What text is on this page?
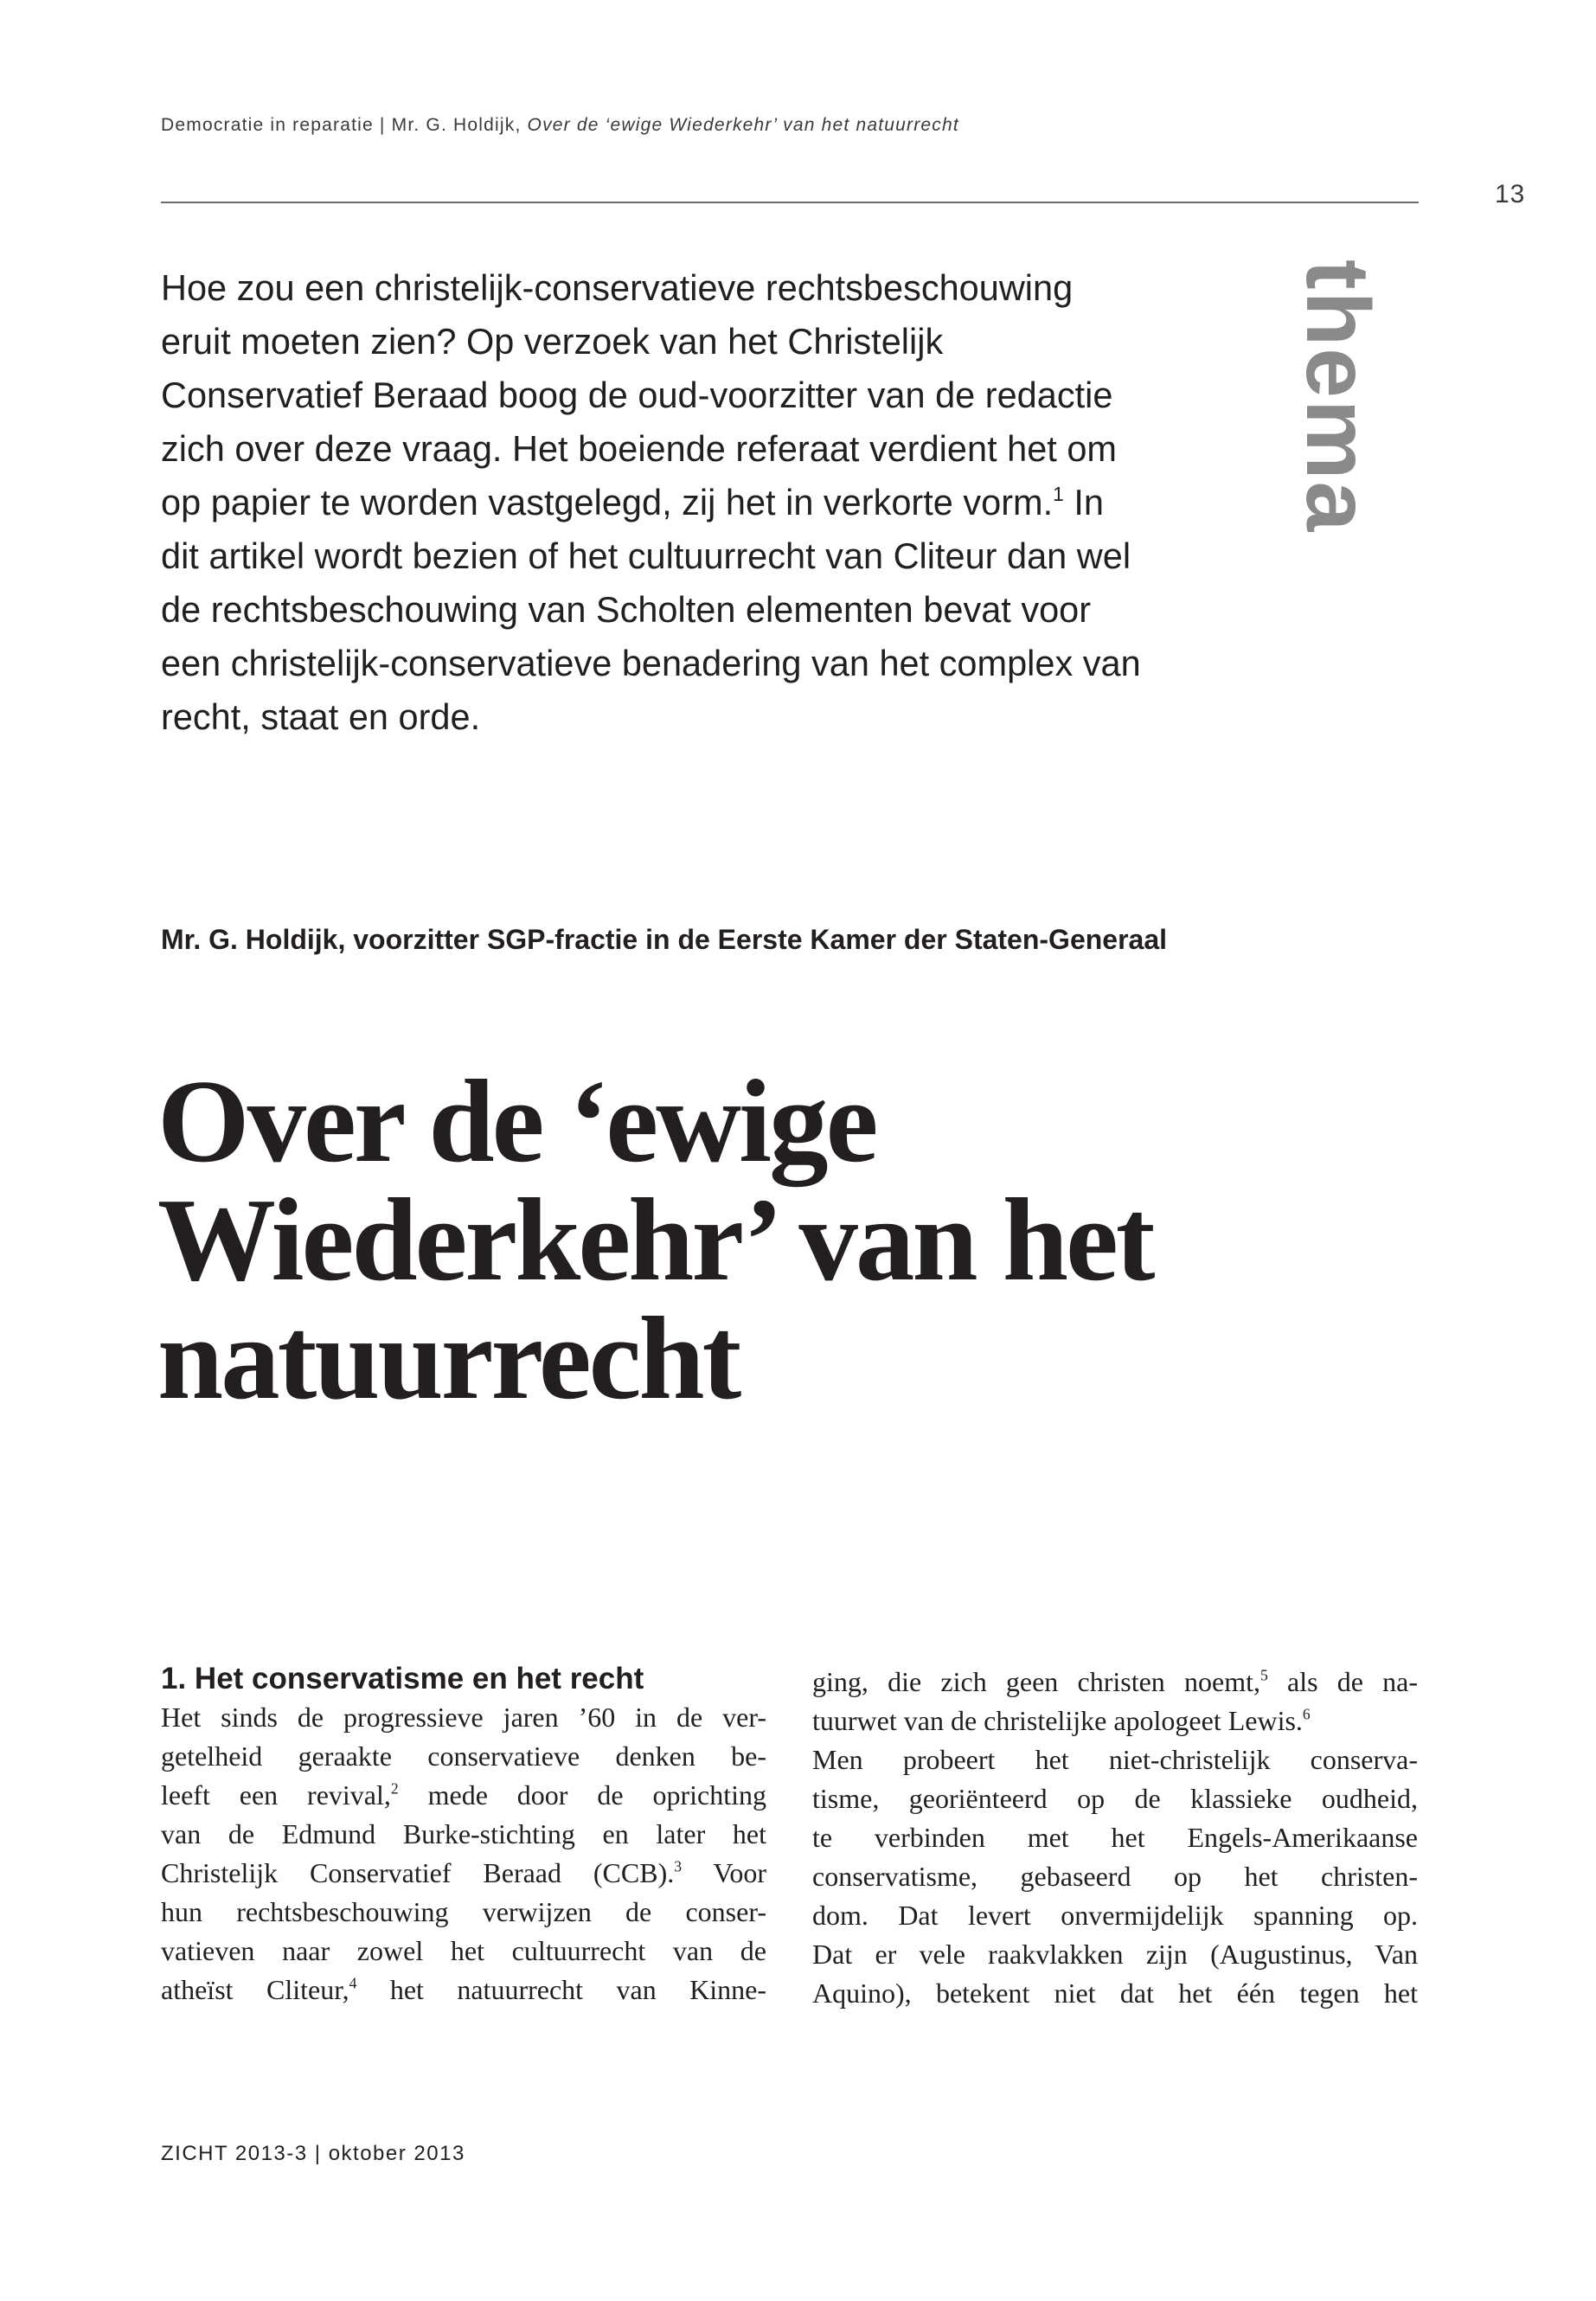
Democratie in reparatie | Mr. G. Holdijk, Over de ‘ewige Wiederkehr’ van het natuurrecht
13
thema

Hoe zou een christelijk-conservatieve rechtsbeschouwing eruit moeten zien? Op verzoek van het Christelijk Conservatief Beraad boog de oud-voorzitter van de redactie zich over deze vraag. Het boeiende referaat verdient het om op papier te worden vastgelegd, zij het in verkorte vorm.$^1$ In dit artikel wordt bezien of het cultuurrecht van Cliteur dan wel de rechtsbeschouwing van Scholten elementen bevat voor een christelijk-conservatieve benadering van het complex van recht, staat en orde.

Mr. G. Holdijk, voorzitter SGP-fractie in de Eerste Kamer der Staten-Generaal
Over de ‘ewige
Wiederkehr’ van het
natuurrecht
1. Het conservatisme en het recht
Het sinds de progressieve jaren ’60 in de ver-
getelheid geraakte conservatieve denken be-
leeft een revival,$^2$ mede door de oprichting
van de Edmund Burke-stichting en later het
Christelijk Conservatief Beraad (CCB).$^3$ Voor
hun rechtsbeschouwing verwijzen de conser-
vatieven naar zowel het cultuurrecht van de
atheïst Cliteur,$^4$ het natuurrecht van Kinne-
ging, die zich geen christen noemt,$^5$ als de na-
tuurwet van de christelijke apologeet Lewis.$^6$
Men probeert het niet-christelijk conserva-
tisme, georiënteerd op de klassieke oudheid,
te verbinden met het Engels-Amerikaanse
conservatisme, gebaseerd op het christen-
dom. Dat levert onvermijdelijk spanning op.
Dat er vele raakvlakken zijn (Augustinus, Van
Aquino), betekent niet dat het één tegen het
ZICHT 2013-3 | oktober 2013
